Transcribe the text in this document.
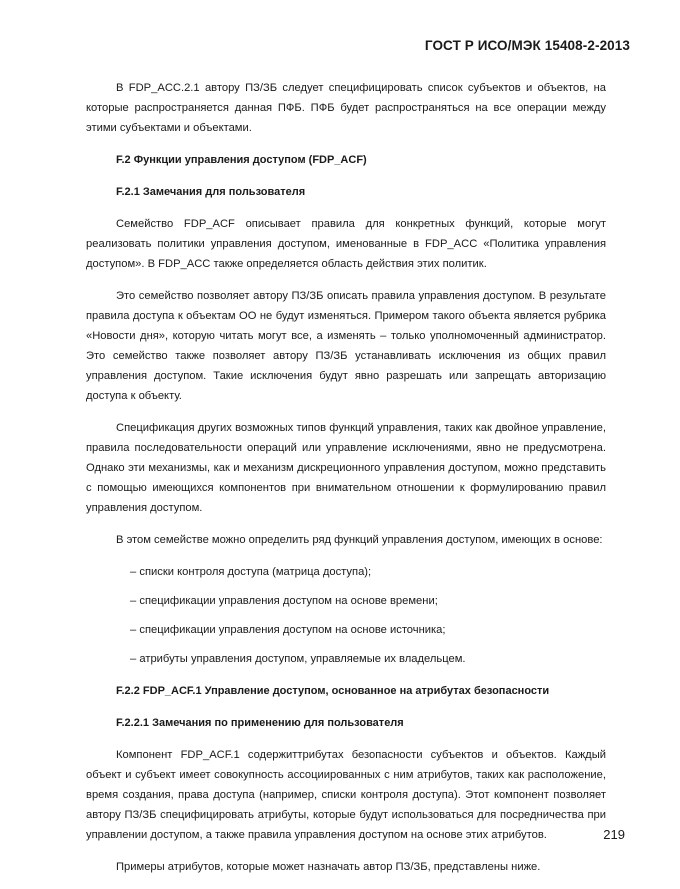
ГОСТ Р ИСО/МЭК 15408-2-2013

В FDP_ACC.2.1 автору ПЗ/ЗБ следует специфицировать список субъектов и объектов, на которые распространяется данная ПФБ. ПФБ будет распространяться на все операции между этими субъектами и объектами.

F.2 Функции управления доступом (FDP_ACF)
F.2.1 Замечания для пользователя

Семейство FDP_ACF описывает правила для конкретных функций, которые могут реализовать политики управления доступом, именованные в FDP_ACC «Политика управления доступом». В FDP_ACC также определяется область действия этих политик.

Это семейство позволяет автору ПЗ/ЗБ описать правила управления доступом. В результате правила доступа к объектам ОО не будут изменяться. Примером такого объекта является рубрика «Новости дня», которую читать могут все, а изменять – только уполномоченный администратор. Это семейство также позволяет автору ПЗ/ЗБ устанавливать исключения из общих правил управления доступом. Такие исключения будут явно разрешать или запрещать авторизацию доступа к объекту.

Спецификация других возможных типов функций управления, таких как двойное управление, правила последовательности операций или управление исключениями, явно не предусмотрена. Однако эти механизмы, как и механизм дискреционного управления доступом, можно представить с помощью имеющихся компонентов при внимательном отношении к формулированию правил управления доступом.

В этом семействе можно определить ряд функций управления доступом, имеющих в основе:

– списки контроля доступа (матрица доступа);
– спецификации управления доступом на основе времени;
– спецификации управления доступом на основе источника;
– атрибуты управления доступом, управляемые их владельцем.
F.2.2 FDP_ACF.1 Управление доступом, основанное на атрибутах безопасности
F.2.2.1 Замечания по применению для пользователя

Компонент FDP_ACF.1 содержиттрибутах безопасности субъектов и объектов. Каждый объект и субъект имеет совокупность ассоциированных с ним атрибутов, таких как расположение, время создания, права доступа (например, списки контроля доступа). Этот компонент позволяет автору ПЗ/ЗБ специфицировать атрибуты, которые будут использоваться для посредничества при управлении доступом, а также правила управления доступом на основе этих атрибутов.

Примеры атрибутов, которые может назначать автор ПЗ/ЗБ, представлены ниже.

219
